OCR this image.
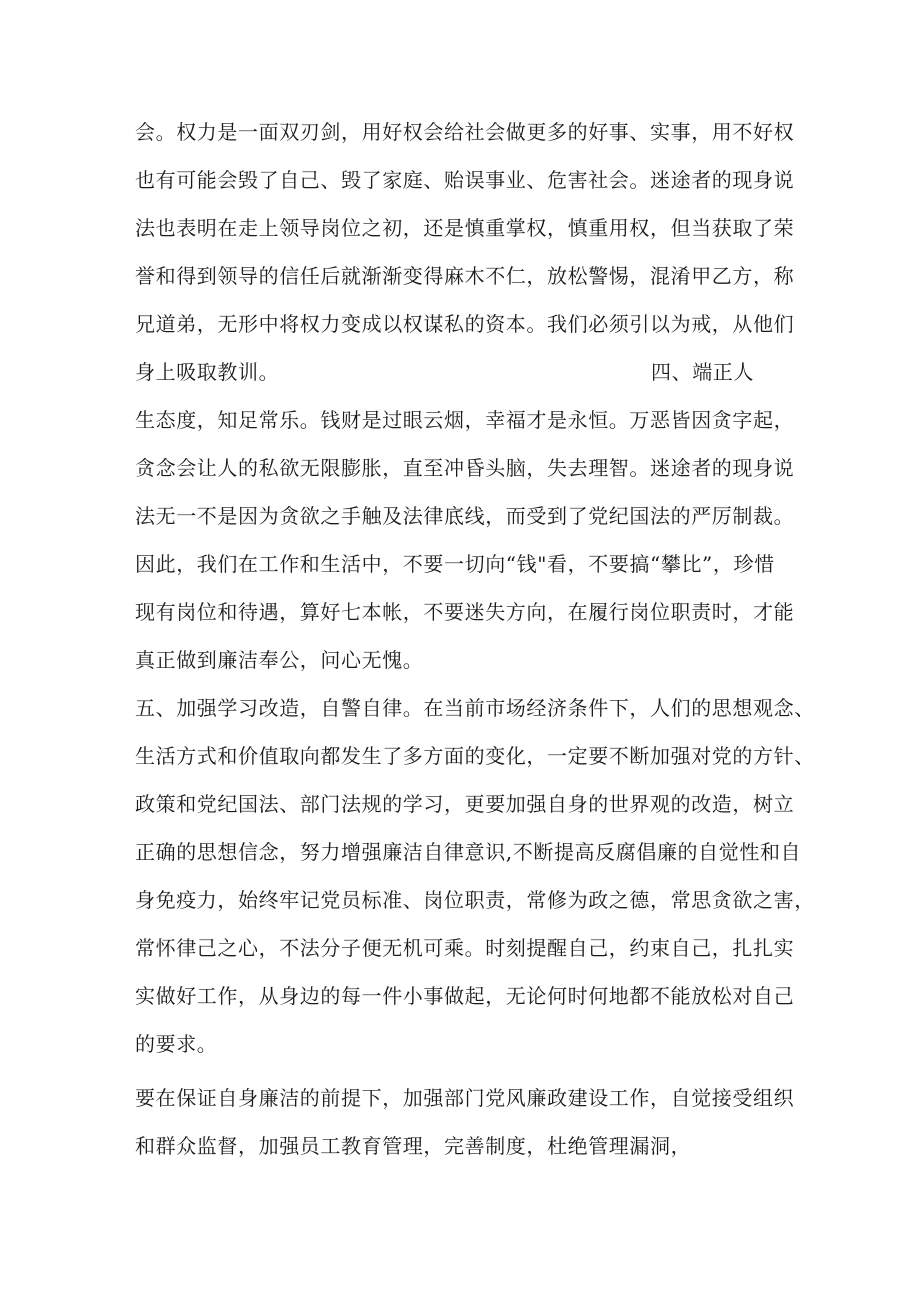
会。权力是一面双刃剑，用好权会给社会做更多的好事、实事，用不好权
也有可能会毁了自己、毁了家庭、贻误事业、危害社会。迷途者的现身说
法也表明在走上领导岗位之初，还是慎重掌权，慎重用权，但当获取了荣
誉和得到领导的信任后就渐渐变得麻木不仁，放松警惕，混淆甲乙方，称
兄道弟，无形中将权力变成以权谋私的资本。我们必须引以为戒，从他们
身上吸取教训。	四、端正人
生态度，知足常乐。钱财是过眼云烟，幸福才是永恒。万恶皆因贪字起，
贪念会让人的私欲无限膨胀，直至冲昏头脑，失去理智。迷途者的现身说
法无一不是因为贪欲之手触及法律底线，而受到了党纪国法的严厉制裁。
因此，我们在工作和生活中，不要一切向“钱"看，不要搞“攀比”，珍惜
现有岗位和待遇，算好七本帐，不要迷失方向，在履行岗位职责时，才能
真正做到廉洁奉公，问心无愧。
五、加强学习改造，自警自律。在当前市场经济条件下，人们的思想观念、
生活方式和价值取向都发生了多方面的变化，一定要不断加强对党的方针、
政策和党纪国法、部门法规的学习，更要加强自身的世界观的改造，树立
正确的思想信念，努力增强廉洁自律意识,不断提高反腐倡廉的自觉性和自
身免疫力，始终牢记党员标准、岗位职责，常修为政之德，常思贪欲之害，
常怀律己之心，不法分子便无机可乘。时刻提醒自己，约束自己，扎扎实
实做好工作，从身边的每一件小事做起，无论何时何地都不能放松对自己
的要求。
要在保证自身廉洁的前提下，加强部门党风廉政建设工作，自觉接受组织
和群众监督，加强员工教育管理，完善制度，杜绝管理漏洞，
